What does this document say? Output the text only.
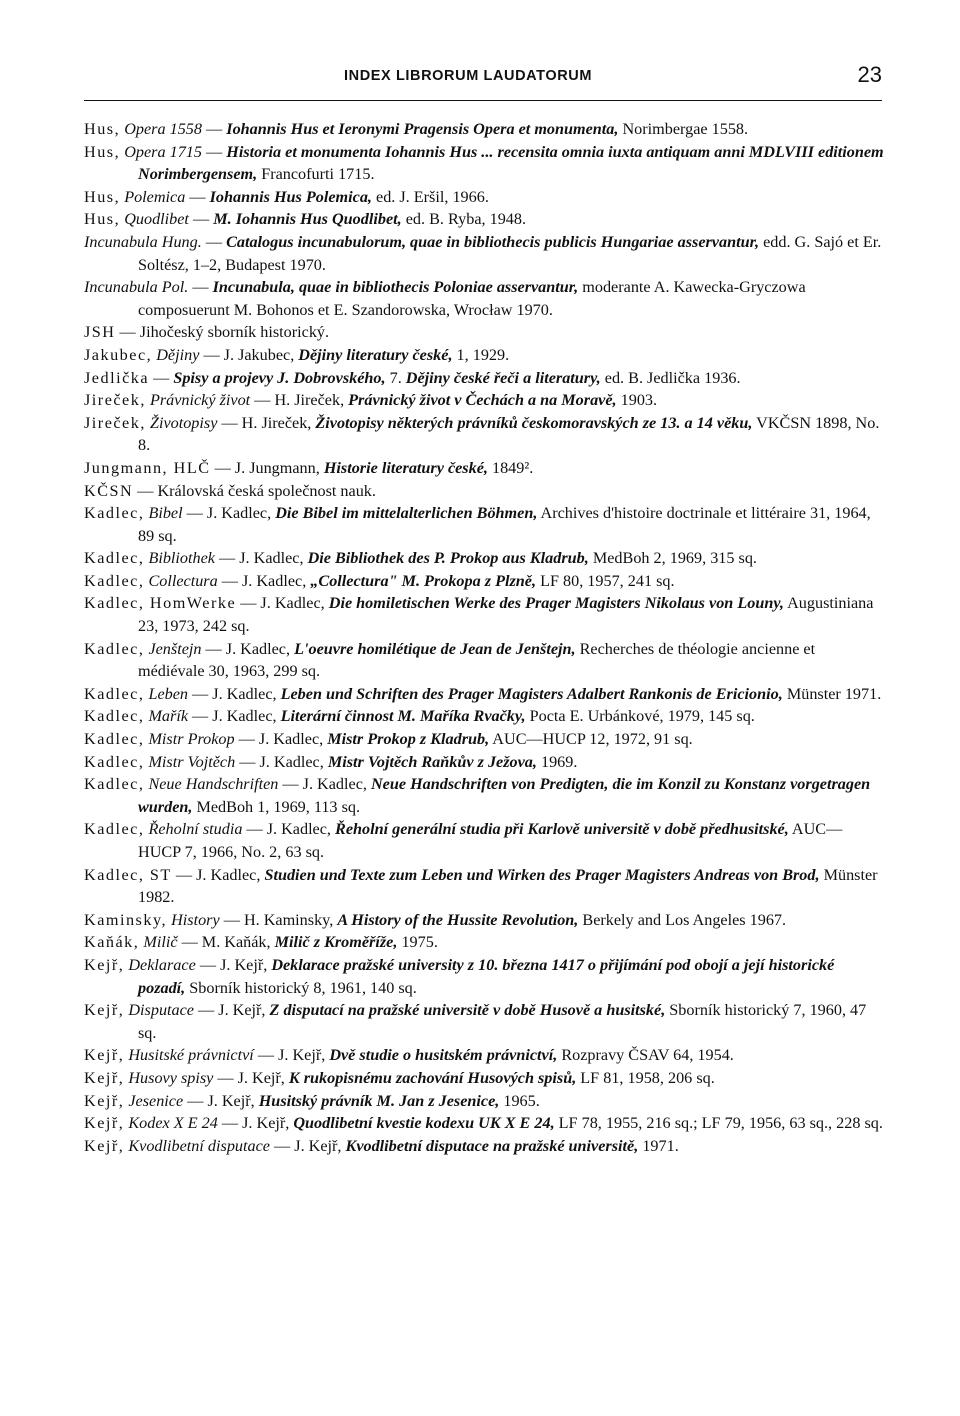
INDEX LIBRORUM LAUDATORUM	23
Hus, Opera 1558 — Iohannis Hus et Ieronymi Pragensis Opera et monumenta, Norimbergae 1558.
Hus, Opera 1715 — Historia et monumenta Iohannis Hus ... recensita omnia iuxta antiquam anni MDLVIII editionem Norimbergensem, Francofurti 1715.
Hus, Polemica — Iohannis Hus Polemica, ed. J. Eršil, 1966.
Hus, Quodlibet — M. Iohannis Hus Quodlibet, ed. B. Ryba, 1948.
Incunabula Hung. — Catalogus incunabulorum, quae in bibliothecis publicis Hungariae asservantur, edd. G. Sajó et Er. Soltész, 1–2, Budapest 1970.
Incunabula Pol. — Incunabula, quae in bibliothecis Poloniae asservantur, moderante A. Kawecka-Gryczowa composuerunt M. Bohonos et E. Szandorowska, Wrocław 1970.
JSH — Jihočeský sborník historický.
Jakubec, Dějiny — J. Jakubec, Dějiny literatury české, 1, 1929.
Jedlička — Spisy a projevy J. Dobrovského, 7. Dějiny české řeči a literatury, ed. B. Jedlička 1936.
Jireček, Právnický život — H. Jireček, Právnický život v Čechách a na Moravě, 1903.
Jireček, Životopisy — H. Jireček, Životopisy některých právníků českomoravských ze 13. a 14 věku, VKČSN 1898, No. 8.
Jungmann, HLČ — J. Jungmann, Historie literatury české, 1849².
KČSN — Královská česká společnost nauk.
Kadlec, Bibel — J. Kadlec, Die Bibel im mittelalterlichen Böhmen, Archives d'histoire doctrinale et littéraire 31, 1964, 89 sq.
Kadlec, Bibliothek — J. Kadlec, Die Bibliothek des P. Prokop aus Kladrub, MedBoh 2, 1969, 315 sq.
Kadlec, Collectura — J. Kadlec, „Collectura" M. Prokopa z Plzně, LF 80, 1957, 241 sq.
Kadlec, HomWerke — J. Kadlec, Die homiletischen Werke des Prager Magisters Nikolaus von Louny, Augustiniana 23, 1973, 242 sq.
Kadlec, Jenštejn — J. Kadlec, L'oeuvre homilétique de Jean de Jenštejn, Recherches de théologie ancienne et médiévale 30, 1963, 299 sq.
Kadlec, Leben — J. Kadlec, Leben und Schriften des Prager Magisters Adalbert Rankonis de Ericionio, Münster 1971.
Kadlec, Mařík — J. Kadlec, Literární činnost M. Maříka Rvačky, Pocta E. Urbánkové, 1979, 145 sq.
Kadlec, Mistr Prokop — J. Kadlec, Mistr Prokop z Kladrub, AUC—HUCP 12, 1972, 91 sq.
Kadlec, Mistr Vojtěch — J. Kadlec, Mistr Vojtěch Raňkův z Ježova, 1969.
Kadlec, Neue Handschriften — J. Kadlec, Neue Handschriften von Predigten, die im Konzil zu Konstanz vorgetragen wurden, MedBoh 1, 1969, 113 sq.
Kadlec, Řeholní studia — J. Kadlec, Řeholní generální studia při Karlově universitě v době předhusitské, AUC—HUCP 7, 1966, No. 2, 63 sq.
Kadlec, ST — J. Kadlec, Studien und Texte zum Leben und Wirken des Prager Magisters Andreas von Brod, Münster 1982.
Kaminsky, History — H. Kaminsky, A History of the Hussite Revolution, Berkely and Los Angeles 1967.
Kaňák, Milič — M. Kaňák, Milič z Kroměříže, 1975.
Kejř, Deklarace — J. Kejř, Deklarace pražské university z 10. března 1417 o přijímání pod obojí a její historické pozadí, Sborník historický 8, 1961, 140 sq.
Kejř, Disputace — J. Kejř, Z disputací na pražské universitě v době Husově a husitské, Sborník historický 7, 1960, 47 sq.
Kejř, Husitské právnictví — J. Kejř, Dvě studie o husitském právnictví, Rozpravy ČSAV 64, 1954.
Kejř, Husovy spisy — J. Kejř, K rukopisnému zachování Husových spisů, LF 81, 1958, 206 sq.
Kejř, Jesenice — J. Kejř, Husitský právník M. Jan z Jesenice, 1965.
Kejř, Kodex X E 24 — J. Kejř, Quodlibetní kvestie kodexu UK X E 24, LF 78, 1955, 216 sq.; LF 79, 1956, 63 sq., 228 sq.
Kejř, Kvodlibetní disputace — J. Kejř, Kvodlibetní disputace na pražské universitě, 1971.
